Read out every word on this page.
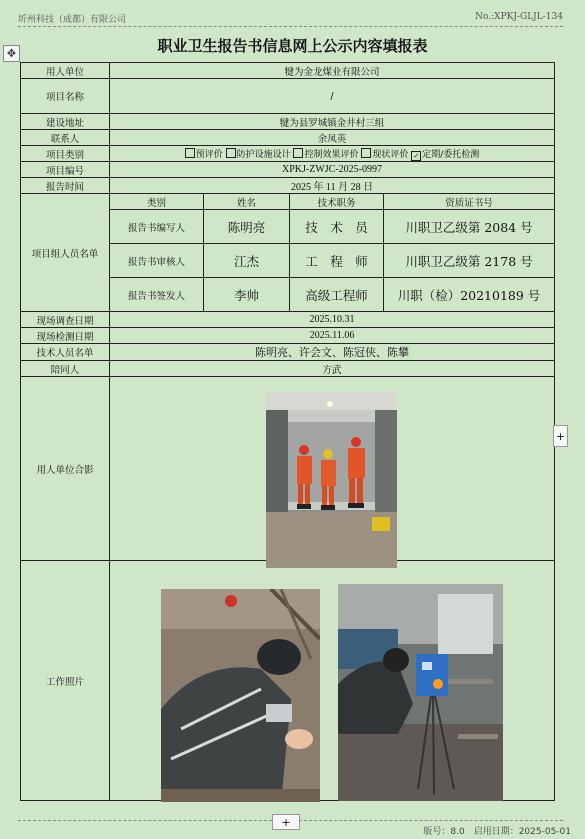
圻州科技（成都）有限公司	No.:XPKJ-GLJL-134
✥	职业卫生报告书信息网上公示内容填报表
用人单位	犍为金龙煤业有限公司			
项目名称	/			
建设地址	犍为县罗城镇金井村三组			
联系人	余凤英			
项目类别	预评价 防护设施设计 控制效果评价 现状评价 ✓ 定期/委托检测			
项目编号	XPKJ-ZWJC-2025-0997			
报告时间	2025 年 11 月 28 日			
项目组人员名单	类别	姓名	技术职务	资质证书号
	报告书编写人	陈明亮	技　术　员	川职卫乙级第 2084 号
	报告书审核人	江杰	工　程　师	川职卫乙级第 2178 号
	报告书签发人	李帅	高级工程师	川职（检）20210189 号
现场调查日期	2025.10.31			
现场检测日期	2025.11.06			
技术人员名单	陈明亮、许会文、陈冠侠、陈攀			
陪同人	方武			
用人单位合影				
工作照片				
+
+
版号：8.0　启用日期：2025-05-01
